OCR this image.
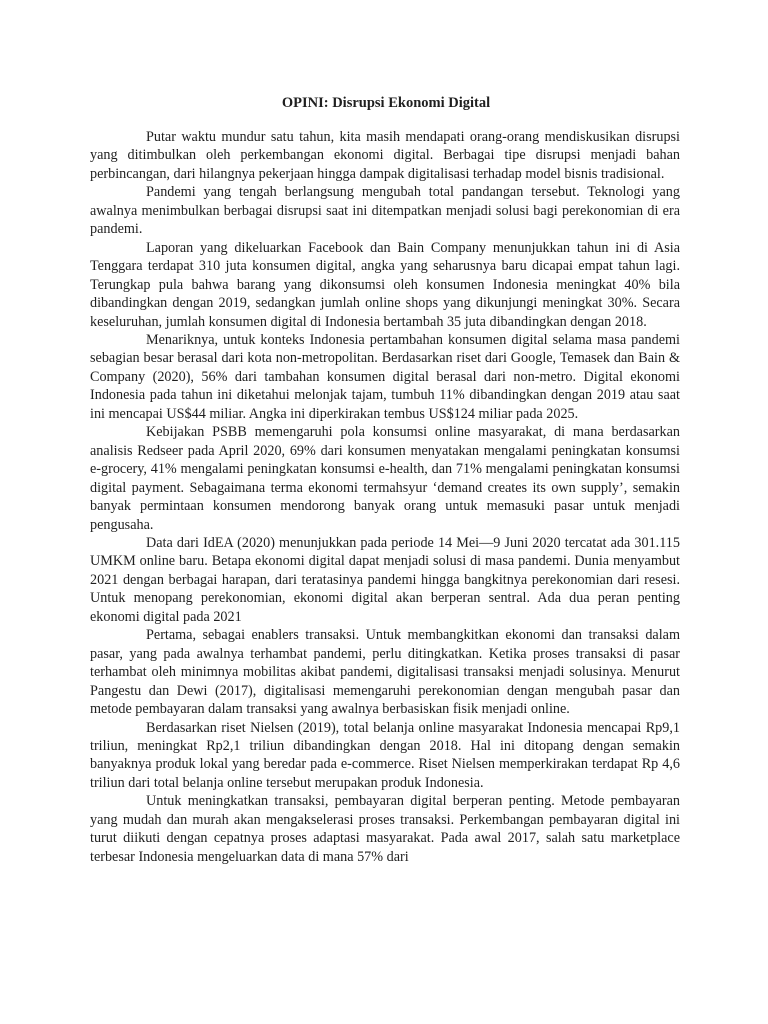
OPINI: Disrupsi Ekonomi Digital

Putar waktu mundur satu tahun, kita masih mendapati orang-orang mendiskusikan disrupsi yang ditimbulkan oleh perkembangan ekonomi digital. Berbagai tipe disrupsi menjadi bahan perbincangan, dari hilangnya pekerjaan hingga dampak digitalisasi terhadap model bisnis tradisional.

Pandemi yang tengah berlangsung mengubah total pandangan tersebut. Teknologi yang awalnya menimbulkan berbagai disrupsi saat ini ditempatkan menjadi solusi bagi perekonomian di era pandemi.

Laporan yang dikeluarkan Facebook dan Bain Company menunjukkan tahun ini di Asia Tenggara terdapat 310 juta konsumen digital, angka yang seharusnya baru dicapai empat tahun lagi. Terungkap pula bahwa barang yang dikonsumsi oleh konsumen Indonesia meningkat 40% bila dibandingkan dengan 2019, sedangkan jumlah online shops yang dikunjungi meningkat 30%. Secara keseluruhan, jumlah konsumen digital di Indonesia bertambah 35 juta dibandingkan dengan 2018.

Menariknya, untuk konteks Indonesia pertambahan konsumen digital selama masa pandemi sebagian besar berasal dari kota non-metropolitan. Berdasarkan riset dari Google, Temasek dan Bain & Company (2020), 56% dari tambahan konsumen digital berasal dari non-metro. Digital ekonomi Indonesia pada tahun ini diketahui melonjak tajam, tumbuh 11% dibandingkan dengan 2019 atau saat ini mencapai US$44 miliar. Angka ini diperkirakan tembus US$124 miliar pada 2025.

Kebijakan PSBB memengaruhi pola konsumsi online masyarakat, di mana berdasarkan analisis Redseer pada April 2020, 69% dari konsumen menyatakan mengalami peningkatan konsumsi e-grocery, 41% mengalami peningkatan konsumsi e-health, dan 71% mengalami peningkatan konsumsi digital payment. Sebagaimana terma ekonomi termahsyur ‘demand creates its own supply’, semakin banyak permintaan konsumen mendorong banyak orang untuk memasuki pasar untuk menjadi pengusaha.

Data dari IdEA (2020) menunjukkan pada periode 14 Mei—9 Juni 2020 tercatat ada 301.115 UMKM online baru. Betapa ekonomi digital dapat menjadi solusi di masa pandemi. Dunia menyambut 2021 dengan berbagai harapan, dari teratasinya pandemi hingga bangkitnya perekonomian dari resesi. Untuk menopang perekonomian, ekonomi digital akan berperan sentral. Ada dua peran penting ekonomi digital pada 2021

Pertama, sebagai enablers transaksi. Untuk membangkitkan ekonomi dan transaksi dalam pasar, yang pada awalnya terhambat pandemi, perlu ditingkatkan. Ketika proses transaksi di pasar terhambat oleh minimnya mobilitas akibat pandemi, digitalisasi transaksi menjadi solusinya. Menurut Pangestu dan Dewi (2017), digitalisasi memengaruhi perekonomian dengan mengubah pasar dan metode pembayaran dalam transaksi yang awalnya berbasiskan fisik menjadi online.

Berdasarkan riset Nielsen (2019), total belanja online masyarakat Indonesia mencapai Rp9,1 triliun, meningkat Rp2,1 triliun dibandingkan dengan 2018. Hal ini ditopang dengan semakin banyaknya produk lokal yang beredar pada e-commerce. Riset Nielsen memperkirakan terdapat Rp 4,6 triliun dari total belanja online tersebut merupakan produk Indonesia.

Untuk meningkatkan transaksi, pembayaran digital berperan penting. Metode pembayaran yang mudah dan murah akan mengakselerasi proses transaksi. Perkembangan pembayaran digital ini turut diikuti dengan cepatnya proses adaptasi masyarakat. Pada awal 2017, salah satu marketplace terbesar Indonesia mengeluarkan data di mana 57% dari
